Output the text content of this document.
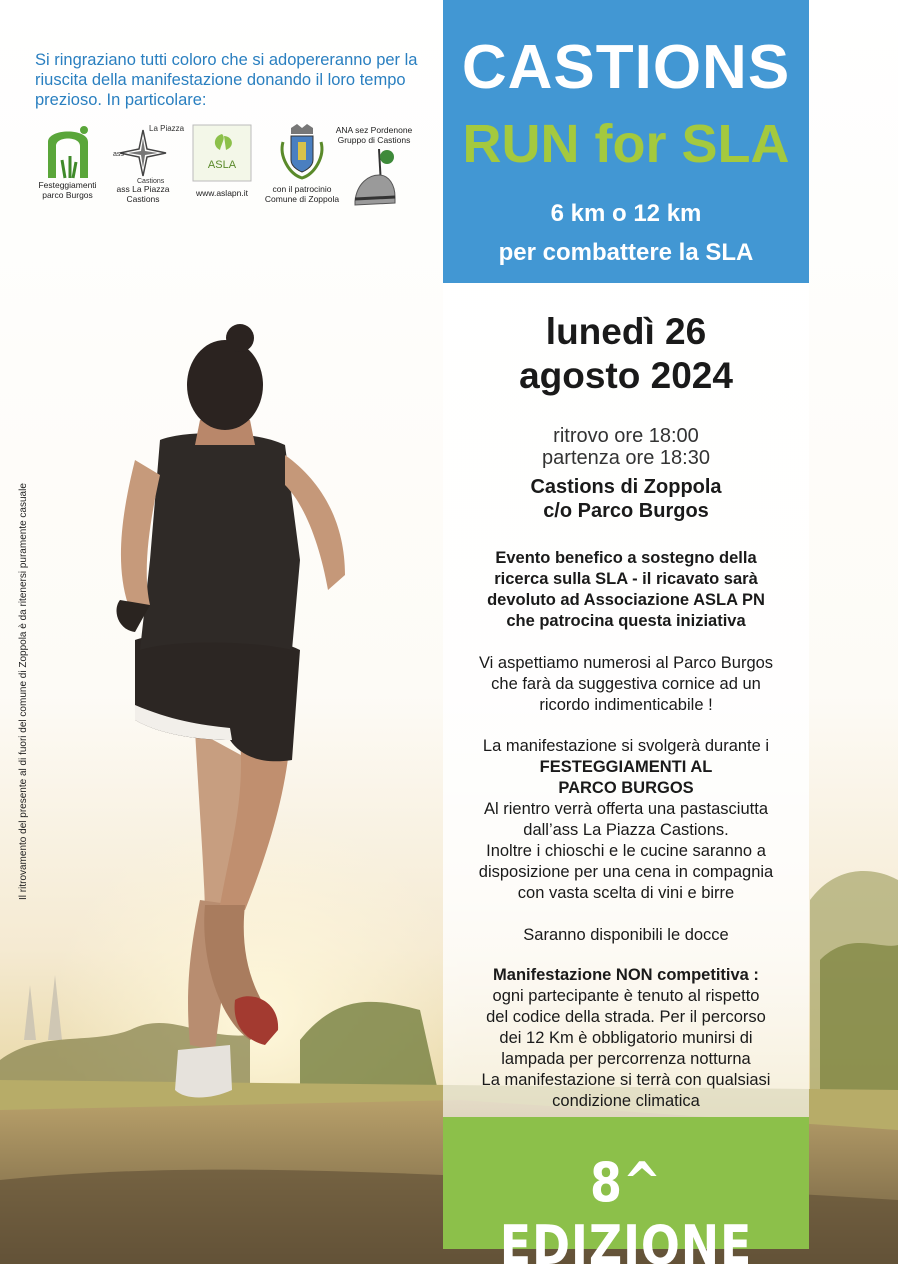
CASTIONS
RUN for SLA
6 km o 12 km
per combattere la SLA
Si ringraziano tutti coloro che si adopereranno per la riuscita della manifestazione donando il loro tempo prezioso. In particolare:
Festeggiamenti
parco Burgos
La Piazza
ass
Castions
ass La Piazza
Castions
ASLA
www.aslapn.it	con il patrocinio
Comune di Zoppola
ANA sez Pordenone
Gruppo di Castions
lunedì 26
agosto 2024
ritrovo ore 18:00
partenza ore 18:30
Castions di Zoppola
c/o Parco Burgos
Evento benefico a sostegno della
ricerca sulla SLA - il ricavato sarà
devoluto ad Associazione ASLA PN
che patrocina questa iniziativa
Vi aspettiamo numerosi al Parco Burgos
che farà da suggestiva cornice ad un
ricordo indimenticabile !
La manifestazione si svolgerà durante i
FESTEGGIAMENTI AL
PARCO BURGOS
Al rientro verrà offerta una pastasciutta
dall’ass La Piazza Castions.
Inoltre i chioschi e le cucine saranno a
disposizione per una cena in compagnia
con vasta scelta di vini e birre
Saranno disponibili le docce
Manifestazione NON competitiva :
ogni partecipante è tenuto al rispetto
del codice della strada. Per il percorso
dei 12 Km è obbligatorio munirsi di
lampada per percorrenza notturna
La manifestazione si terrà con qualsiasi
condizione climatica
8^ EDIZIONE
Il ritrovamento del presente al di fuori del comune di Zoppola è da ritenersi puramente casuale
